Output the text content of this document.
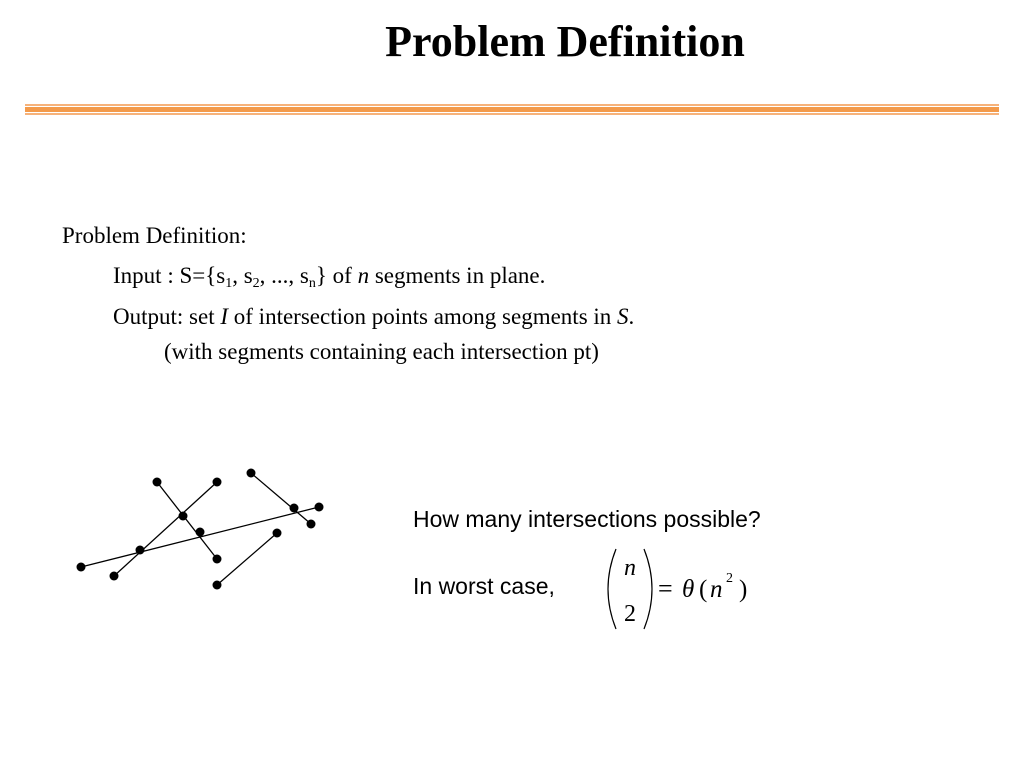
Problem Definition
Problem Definition:
Input : $S=\{s_1$, $s_2$, ..., $s_n$} of n segments in plane.
Output: set I of intersection points among segments in S.
(with segments containing each intersection pt)
How many intersections possible?
In worst case,
n
2
= θ ( n 2 )
